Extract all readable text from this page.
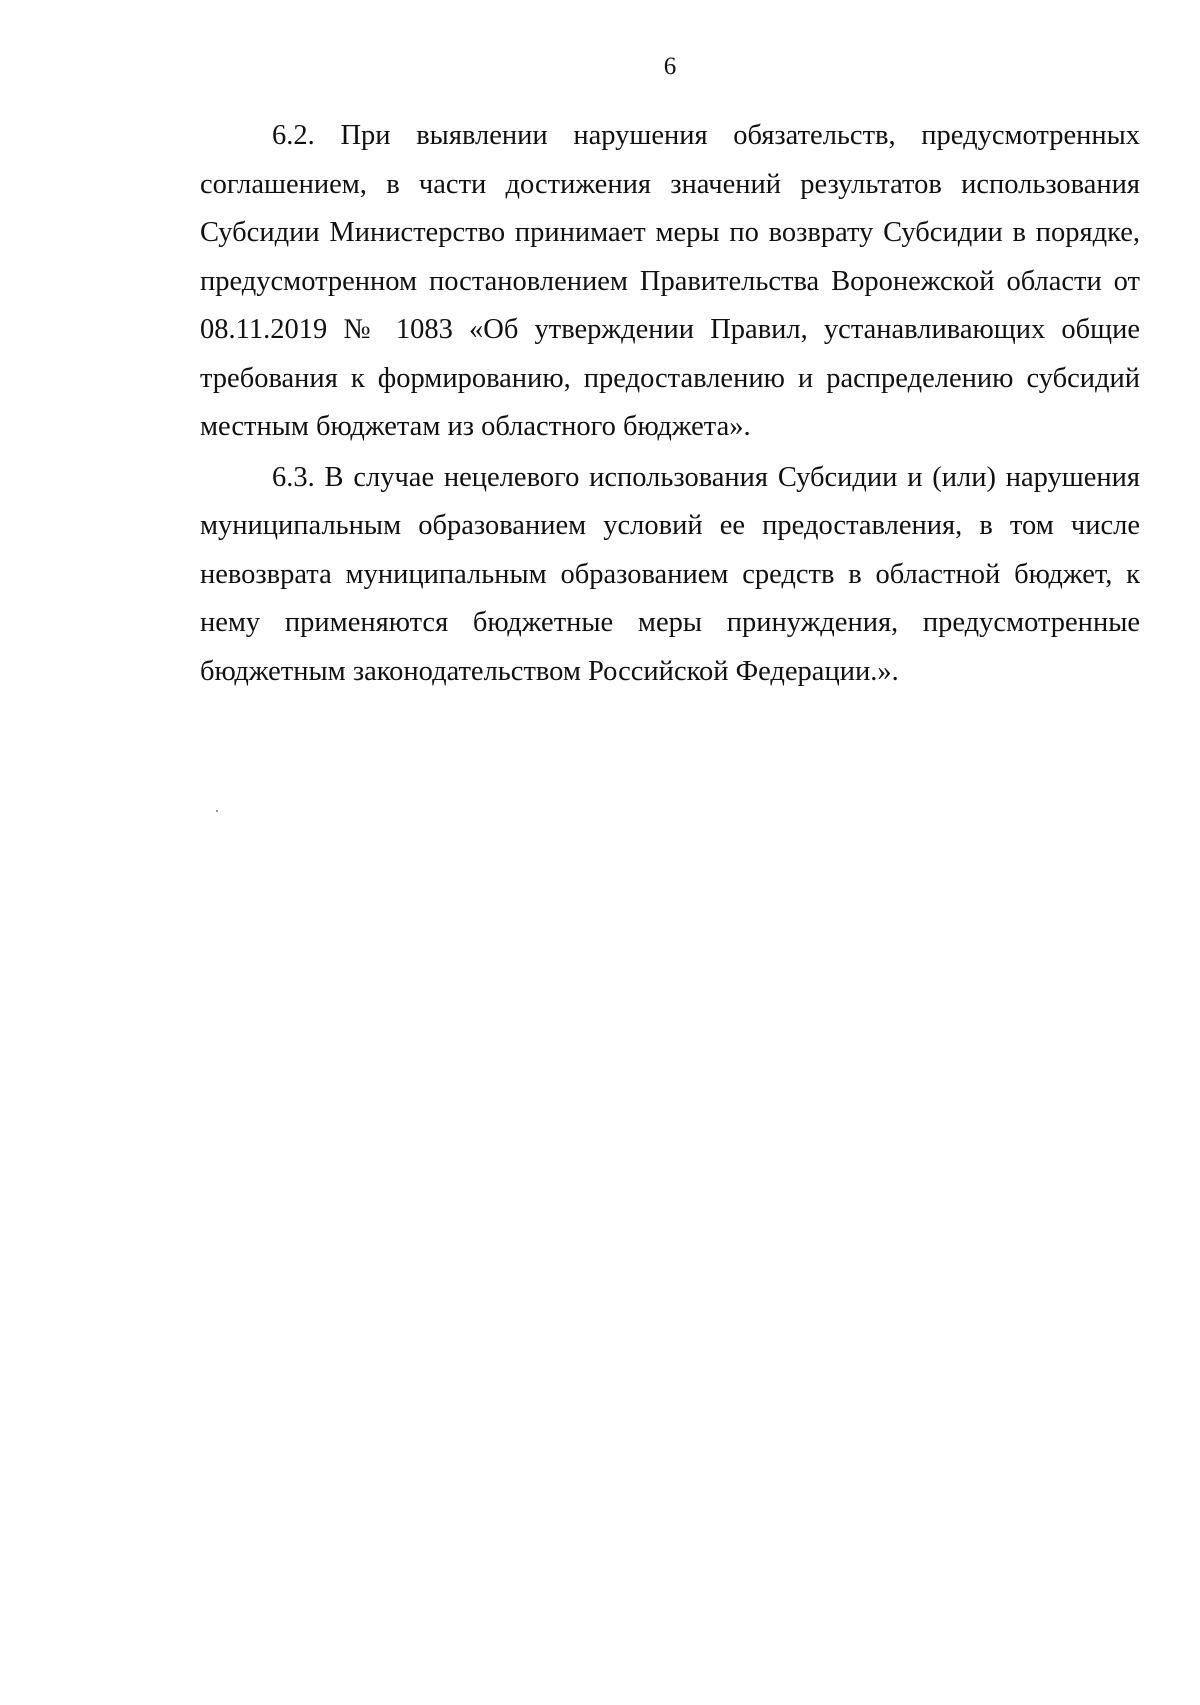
6

6.2. При выявлении нарушения обязательств, предусмотренных соглашением, в части достижения значений результатов использования Субсидии Министерство принимает меры по возврату Субсидии в порядке, предусмотренном постановлением Правительства Воронежской области от 08.11.2019 № 1083 «Об утверждении Правил, устанавливающих общие требования к формированию, предоставлению и распределению субсидий местным бюджетам из областного бюджета».

6.3. В случае нецелевого использования Субсидии и (или) нарушения муниципальным образованием условий ее предоставления, в том числе невозврата муниципальным образованием средств в областной бюджет, к нему применяются бюджетные меры принуждения, предусмотренные бюджетным законодательством Российской Федерации.».
